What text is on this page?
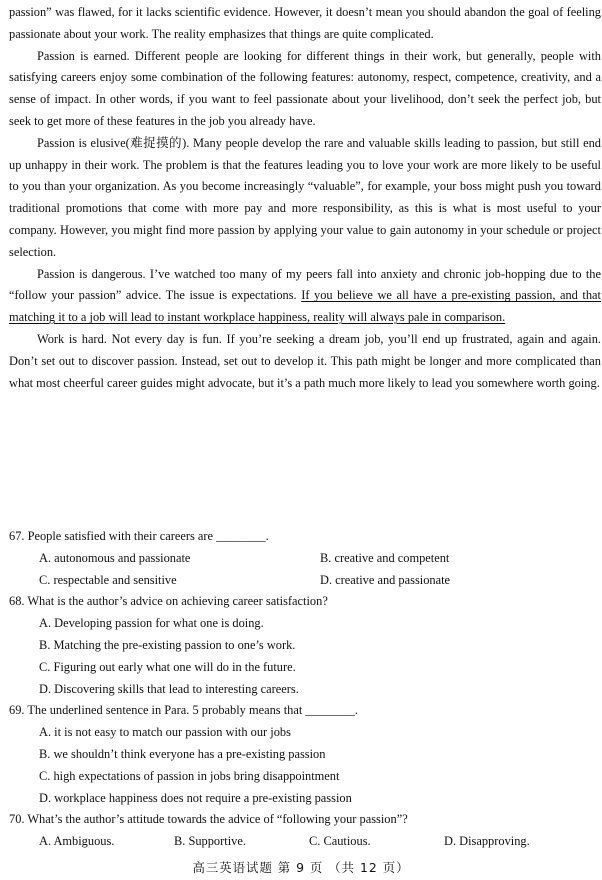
passion” was flawed, for it lacks scientific evidence. However, it doesn’t mean you should abandon the goal of feeling passionate about your work. The reality emphasizes that things are quite complicated.

Passion is earned. Different people are looking for different things in their work, but generally, people with satisfying careers enjoy some combination of the following features: autonomy, respect, competence, creativity, and a sense of impact. In other words, if you want to feel passionate about your livelihood, don’t seek the perfect job, but seek to get more of these features in the job you already have.

Passion is elusive(难捉摸的). Many people develop the rare and valuable skills leading to passion, but still end up unhappy in their work. The problem is that the features leading you to love your work are more likely to be useful to you than your organization. As you become increasingly “valuable”, for example, your boss might push you toward traditional promotions that come with more pay and more responsibility, as this is what is most useful to your company. However, you might find more passion by applying your value to gain autonomy in your schedule or project selection.

Passion is dangerous. I’ve watched too many of my peers fall into anxiety and chronic job-hopping due to the “follow your passion” advice. The issue is expectations. If you believe we all have a pre-existing passion, and that matching it to a job will lead to instant workplace happiness, reality will always pale in comparison.

Work is hard. Not every day is fun. If you’re seeking a dream job, you’ll end up frustrated, again and again. Don’t set out to discover passion. Instead, set out to develop it. This path might be longer and more complicated than what most cheerful career guides might advocate, but it’s a path much more likely to lead you somewhere worth going.

67. People satisfied with their careers are ________.
A. autonomous and passionate	B. creative and competent
C. respectable and sensitive	D. creative and passionate
68. What is the author’s advice on achieving career satisfaction?
A. Developing passion for what one is doing.
B. Matching the pre-existing passion to one’s work.
C. Figuring out early what one will do in the future.
D. Discovering skills that lead to interesting careers.
69. The underlined sentence in Para. 5 probably means that ________.
A. it is not easy to match our passion with our jobs
B. we shouldn’t think everyone has a pre-existing passion
C. high expectations of passion in jobs bring disappointment
D. workplace happiness does not require a pre-existing passion
70. What’s the author’s attitude towards the advice of “following your passion”?
A. Ambiguous.	B. Supportive.	C. Cautious.	D. Disapproving.
高三英语试题 第 9 页 （共 12 页）
